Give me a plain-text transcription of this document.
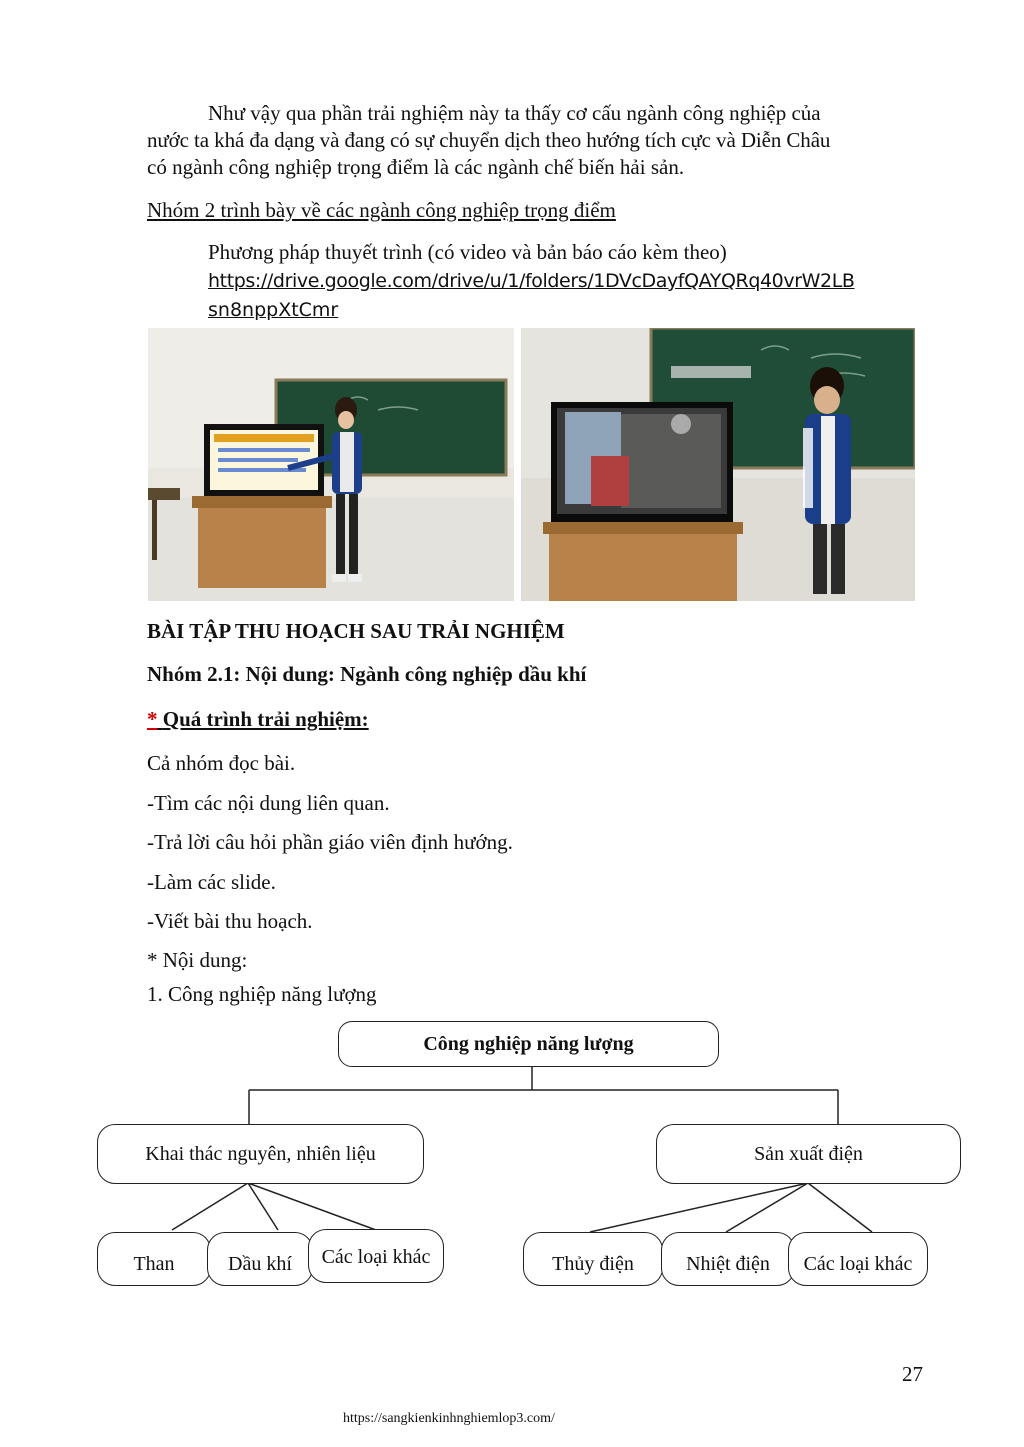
Như vậy qua phần trải nghiệm này ta thấy cơ cấu ngành công nghiệp của
nước ta khá đa dạng và đang có sự chuyển dịch theo hướng tích cực và Diễn Châu
có ngành công nghiệp trọng điểm là các ngành chế biến hải sản.
Nhóm 2 trình bày về các ngành công nghiệp trọng điểm
Phương pháp thuyết trình (có video và bản báo cáo kèm theo)
https://drive.google.com/drive/u/1/folders/1DVcDayfQAYQRq40vrW2LB
sn8nppXtCmr
BÀI TẬP THU HOẠCH SAU TRẢI NGHIỆM
Nhóm 2.1: Nội dung: Ngành công nghiệp dầu khí
* Quá trình trải nghiệm:
Cả nhóm đọc bài.
-Tìm các nội dung liên quan.
-Trả lời câu hỏi phần giáo viên định hướng.
-Làm các slide.
-Viết bài thu hoạch.
* Nội dung:
1. Công nghiệp năng lượng
Công nghiệp năng lượng
Khai thác nguyên, nhiên liệu	Sản xuất điện
Than	Dầu khí	Các loại khác	Thủy điện	Nhiệt điện	Các loại khác
27
https://sangkienkinhnghiemlop3.com/
